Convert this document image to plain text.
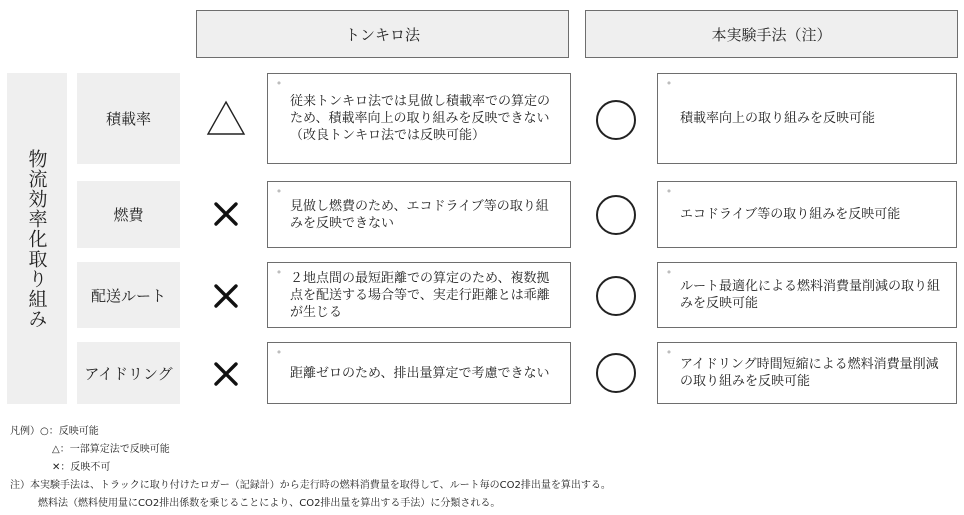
トンキロ法	本実験手法（注）
物流効率化取り組み
積載率
•
従来トンキロ法では見做し積載率での算定のため、積載率向上の取り組みを反映できない（改良トンキロ法では反映可能）
•
積載率向上の取り組みを反映可能
燃費
•
見做し燃費のため、エコドライブ等の取り組みを反映できない
•
エコドライブ等の取り組みを反映可能
配送ルート
• ２地点間の最短距離での算定のため、複数拠点を配送する場合等で、実走行距離とは乖離が生じる
•
ルート最適化による燃料消費量削減の取り組みを反映可能
アイドリング
•
距離ゼロのため、排出量算定で考慮できない
•
アイドリング時間短縮による燃料消費量削減の取り組みを反映可能
凡例）○：反映可能
△：一部算定法で反映可能
✕：反映不可
注）本実験手法は、トラックに取り付けたロガー（記録計）から走行時の燃料消費量を取得して、ルート毎のCO2排出量を算出する。
燃料法（燃料使用量にCO2排出係数を乗じることにより、CO2排出量を算出する手法）に分類される。
